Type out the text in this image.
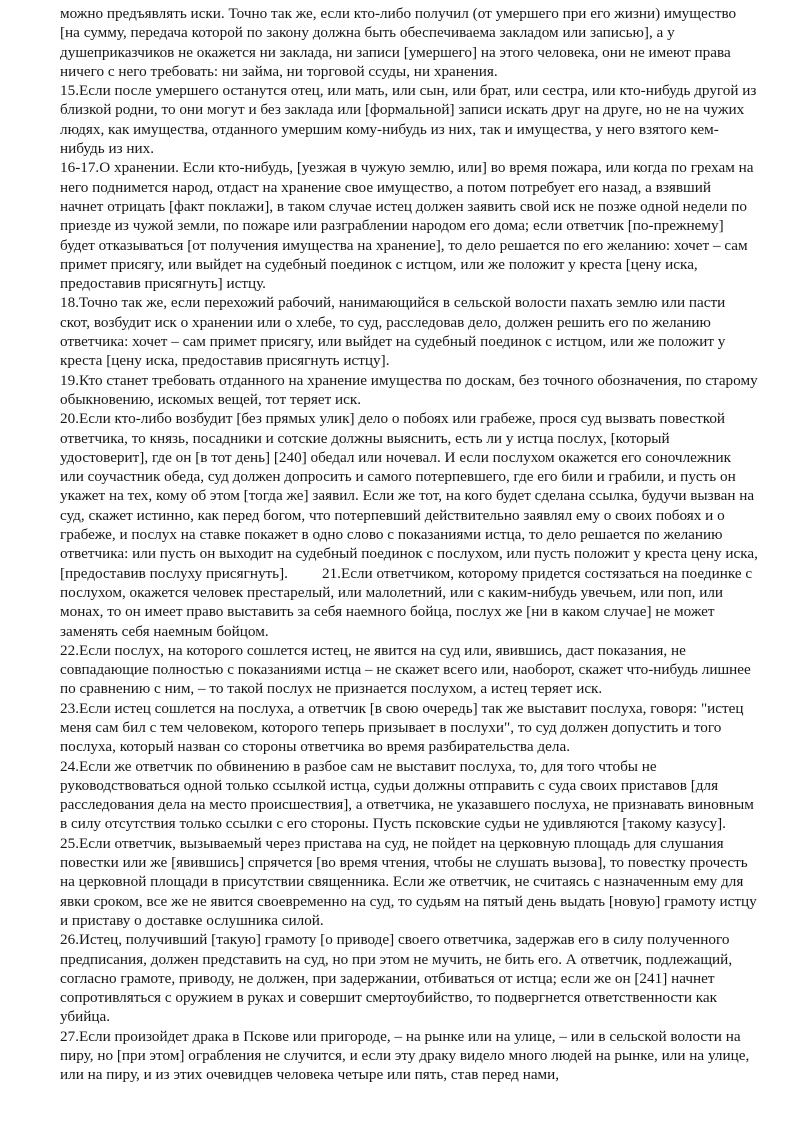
можно предъявлять иски. Точно так же, если кто-либо получил (от умершего при его жизни) имущество [на сумму, передача которой по закону должна быть обеспечиваема закладом или записью], а у душеприказчиков не окажется ни заклада, ни записи [умершего] на этого человека, они не имеют права ничего с него требовать: ни займа, ни торговой ссуды, ни хранения.

15.Если после умершего останутся отец, или мать, или сын, или брат, или сестра, или кто-нибудь другой из близкой родни, то они могут и без заклада или [формальной] записи искать друг на друге, но не на чужих людях, как имущества, отданного умершим кому-нибудь из них, так и имущества, у него взятого кем-нибудь из них.

16-17.О хранении. Если кто-нибудь, [уезжая в чужую землю, или] во время пожара, или когда по грехам на него поднимется народ, отдаст на хранение свое имущество, а потом потребует его назад, а взявший начнет отрицать [факт поклажи], в таком случае истец должен заявить свой иск не позже одной недели по приезде из чужой земли, по пожаре или разграблении народом его дома; если ответчик [по-прежнему] будет отказываться [от получения имущества на хранение], то дело решается по его желанию: хочет – сам примет присягу, или выйдет на судебный поединок с истцом, или же положит у креста [цену иска, предоставив присягнуть] истцу.

18.Точно так же, если перехожий рабочий, нанимающийся в сельской волости пахать землю или пасти скот, возбудит иск о хранении или о хлебе, то суд, расследовав дело, должен решить его по желанию ответчика: хочет – сам примет присягу, или выйдет на судебный поединок с истцом, или же положит у креста [цену иска, предоставив присягнуть истцу].

19.Кто станет требовать отданного на хранение имущества по доскам, без точного обозначения, по старому обыкновению, искомых вещей, тот теряет иск.

20.Если кто-либо возбудит [без прямых улик] дело о побоях или грабеже, прося суд вызвать повесткой ответчика, то князь, посадники и сотские должны выяснить, есть ли у истца послух, [который удостоверит], где он [в тот день] [240] обедал или ночевал. И если послухом окажется его соночлежник или соучастник обеда, суд должен допросить и самого потерпевшего, где его били и грабили, и пусть он укажет на тех, кому об этом [тогда же] заявил. Если же тот, на кого будет сделана ссылка, будучи вызван на суд, скажет истинно, как перед богом, что потерпевший действительно заявлял ему о своих побоях и о грабеже, и послух на ставке покажет в одно слово с показаниями истца, то дело решается по желанию ответчика: или пусть он выходит на судебный поединок с послухом, или пусть положит у креста цену иска, [предоставив послуху присягнуть]. 21.Если ответчиком, которому придется состязаться на поединке с послухом, окажется человек престарелый, или малолетний, или с каким-нибудь увечьем, или поп, или монах, то он имеет право выставить за себя наемного бойца, послух же [ни в каком случае] не может заменять себя наемным бойцом.

22.Если послух, на которого сошлется истец, не явится на суд или, явившись, даст показания, не совпадающие полностью с показаниями истца – не скажет всего или, наоборот, скажет что-нибудь лишнее по сравнению с ним, – то такой послух не признается послухом, а истец теряет иск.

23.Если истец сошлется на послуха, а ответчик [в свою очередь] так же выставит послуха, говоря: "истец меня сам бил с тем человеком, которого теперь призывает в послухи", то суд должен допустить и того послуха, который назван со стороны ответчика во время разбирательства дела.

24.Если же ответчик по обвинению в разбое сам не выставит послуха, то, для того чтобы не руководствоваться одной только ссылкой истца, судьи должны отправить с суда своих приставов [для расследования дела на место происшествия], а ответчика, не указавшего послуха, не признавать виновным в силу отсутствия только ссылки с его стороны. Пусть псковские судьи не удивляются [такому казусу].

25.Если ответчик, вызываемый через пристава на суд, не пойдет на церковную площадь для слушания повестки или же [явившись] спрячется [во время чтения, чтобы не слушать вызова], то повестку прочесть на церковной площади в присутствии священника. Если же ответчик, не считаясь с назначенным ему для явки сроком, все же не явится своевременно на суд, то судьям на пятый день выдать [новую] грамоту истцу и приставу о доставке ослушника силой.

26.Истец, получивший [такую] грамоту [о приводе] своего ответчика, задержав его в силу полученного предписания, должен представить на суд, но при этом не мучить, не бить его. А ответчик, подлежащий, согласно грамоте, приводу, не должен, при задержании, отбиваться от истца; если же он [241] начнет сопротивляться с оружием в руках и совершит смертоубийство, то подвергнется ответственности как убийца.

27.Если произойдет драка в Пскове или пригороде, – на рынке или на улице, – или в сельской волости на пиру, но [при этом] ограбления не случится, и если эту драку видело много людей на рынке, или на улице, или на пиру, и из этих очевидцев человека четыре или пять, став перед нами,
